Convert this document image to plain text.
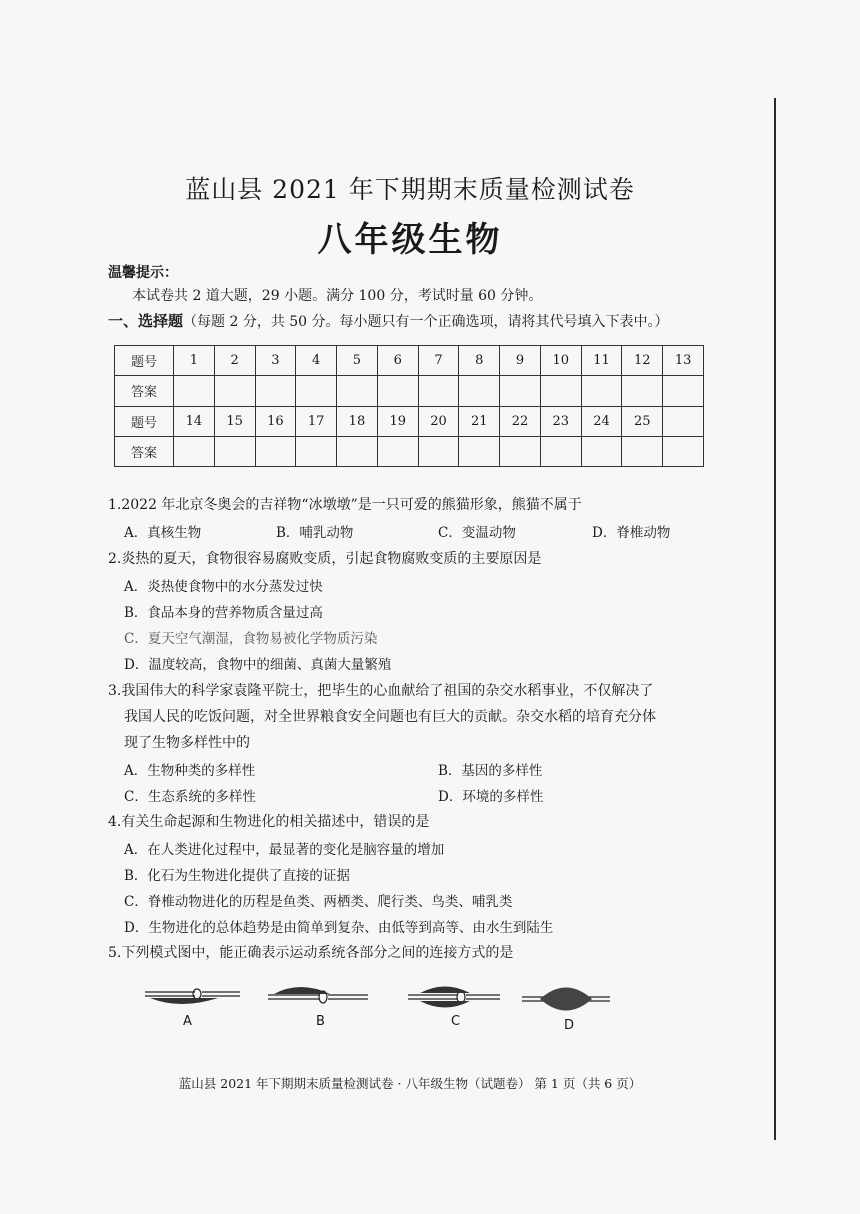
蓝山县 2021 年下期期末质量检测试卷
八年级生物
温馨提示：
本试卷共 2 道大题，29 小题。满分 100 分，考试时量 60 分钟。
一、选择题（每题 2 分，共 50 分。每小题只有一个正确选项，请将其代号填入下表中。）
题号	1	2	3	4	5	6	7	8	9	10	11	12	13
答案													
题号	14	15	16	17	18	19	20	21	22	23	24	25	
答案													
1.2022 年北京冬奥会的吉祥物“冰墩墩”是一只可爱的熊猫形象，熊猫不属于
A．真核生物	B．哺乳动物	C．变温动物	D．脊椎动物
2.炎热的夏天，食物很容易腐败变质，引起食物腐败变质的主要原因是
A．炎热使食物中的水分蒸发过快
B．食品本身的营养物质含量过高
C．夏天空气潮湿，食物易被化学物质污染
D．温度较高，食物中的细菌、真菌大量繁殖
3.我国伟大的科学家袁隆平院士，把毕生的心血献给了祖国的杂交水稻事业，不仅解决了
我国人民的吃饭问题，对全世界粮食安全问题也有巨大的贡献。杂交水稻的培育充分体
现了生物多样性中的
A．生物种类的多样性	B．基因的多样性
C．生态系统的多样性	D．环境的多样性
4.有关生命起源和生物进化的相关描述中，错误的是
A．在人类进化过程中，最显著的变化是脑容量的增加
B．化石为生物进化提供了直接的证据
C．脊椎动物进化的历程是鱼类、两栖类、爬行类、鸟类、哺乳类
D．生物进化的总体趋势是由简单到复杂、由低等到高等、由水生到陆生
5.下列模式图中，能正确表示运动系统各部分之间的连接方式的是
A	B	C	D
蓝山县 2021 年下期期末质量检测试卷 · 八年级生物（试题卷） 第 1 页（共 6 页）
